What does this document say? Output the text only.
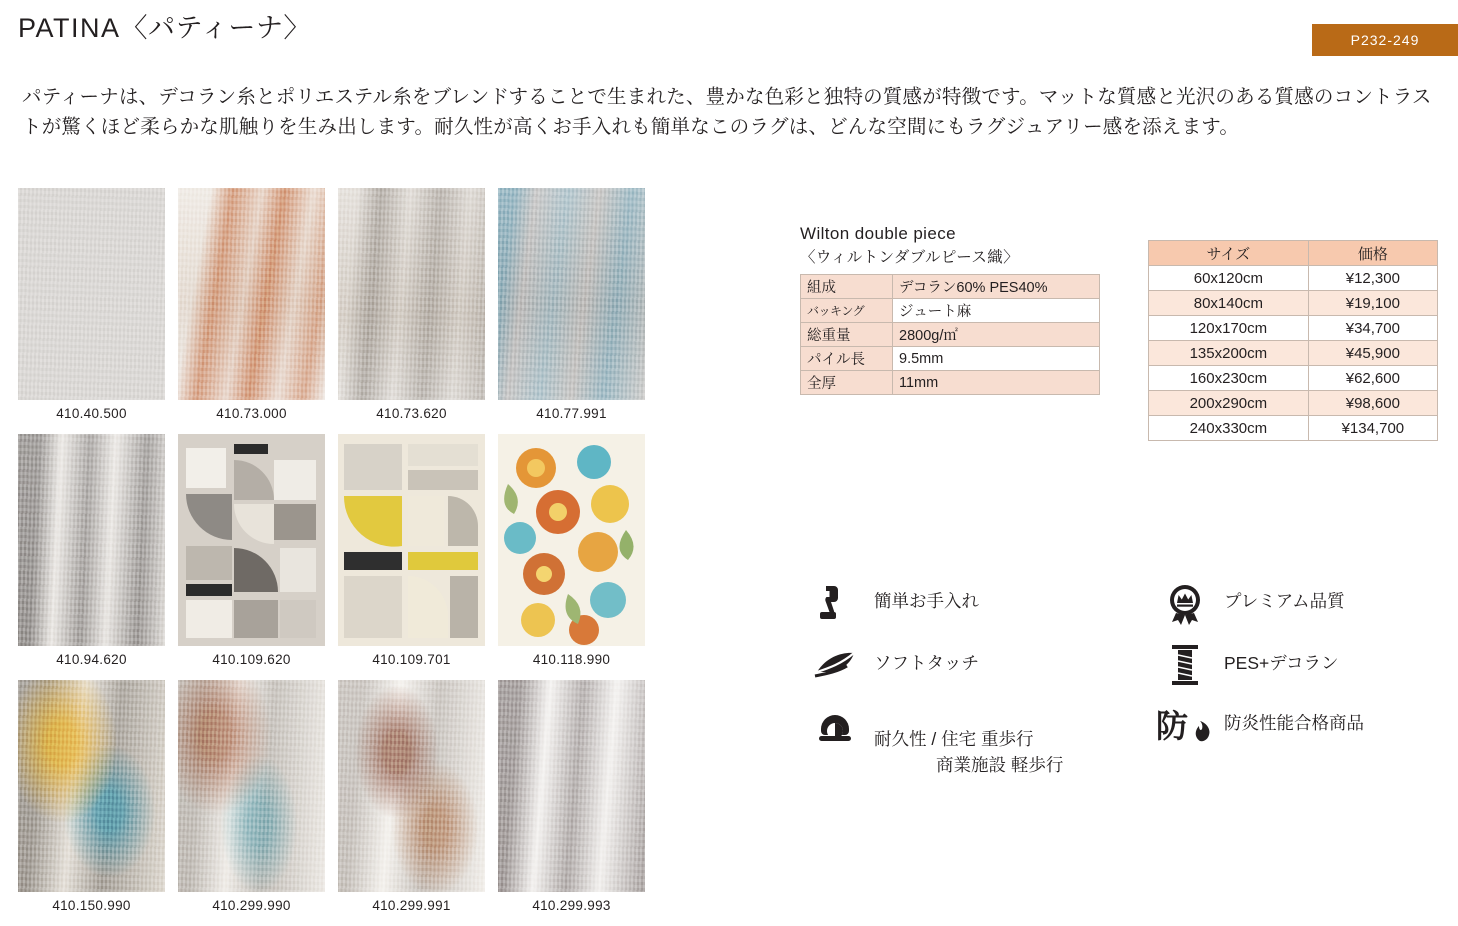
PATINA〈パティーナ〉	P232-249
パティーナは、デコラン糸とポリエステル糸をブレンドすることで生まれた、豊かな色彩と独特の質感が特徴です。マットな質感と光沢のある質感のコントラストが驚くほど柔らかな肌触りを生み出します。耐久性が高くお手入れも簡単なこのラグは、どんな空間にもラグジュアリー感を添えます。
410.40.500	410.73.000	410.73.620	410.77.991
410.94.620	410.109.620	410.109.701	410.118.990
410.150.990	410.299.990	410.299.991	410.299.993
Wilton double piece
〈ウィルトンダブルピース織〉
組成	デコラン60% PES40%
バッキング	ジュート麻
総重量	2800g/㎡
パイル長	9.5mm
全厚	11mm
サイズ	価格
60x120cm	¥12,300
80x140cm	¥19,100
120x170cm	¥34,700
135x200cm	¥45,900
160x230cm	¥62,600
200x290cm	¥98,600
240x330cm	¥134,700
簡単お手入れ	プレミアム品質
ソフトタッチ	PES+デコラン

耐久性 / 住宅 重歩行

商業施設 軽歩行

防 防炎性能合格商品
